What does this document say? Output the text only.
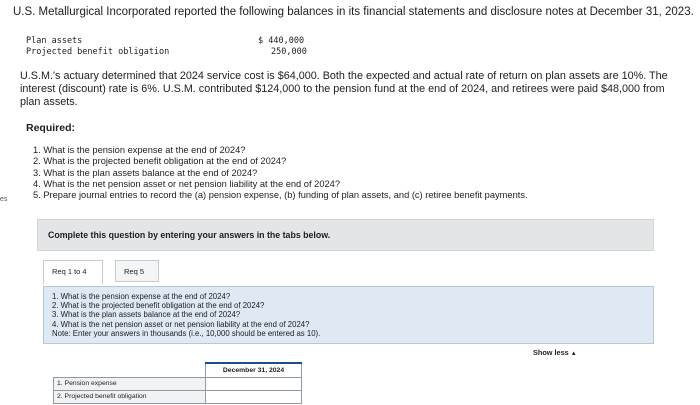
U.S. Metallurgical Incorporated reported the following balances in its financial statements and disclosure notes at December 31, 2023.
Plan assets	$ 440,000
Projected benefit obligation	250,000
U.S.M.'s actuary determined that 2024 service cost is $64,000. Both the expected and actual rate of return on plan assets are 10%. The interest (discount) rate is 6%. U.S.M. contributed $124,000 to the pension fund at the end of 2024, and retirees were paid $48,000 from plan assets.
Required:
1. What is the pension expense at the end of 2024?
2. What is the projected benefit obligation at the end of 2024?
3. What is the plan assets balance at the end of 2024?
4. What is the net pension asset or net pension liability at the end of 2024?
5. Prepare journal entries to record the (a) pension expense, (b) funding of plan assets, and (c) retiree benefit payments.
es
Complete this question by entering your answers in the tabs below.
Req 1 to 4	Req 5
1. What is the pension expense at the end of 2024?
2. What is the projected benefit obligation at the end of 2024?
3. What is the plan assets balance at the end of 2024?
4. What is the net pension asset or net pension liability at the end of 2024?
Note: Enter your answers in thousands (i.e., 10,000 should be entered as 10).
Show less ▲
	December 31, 2024
1. Pension expense	
2. Projected benefit obligation	
